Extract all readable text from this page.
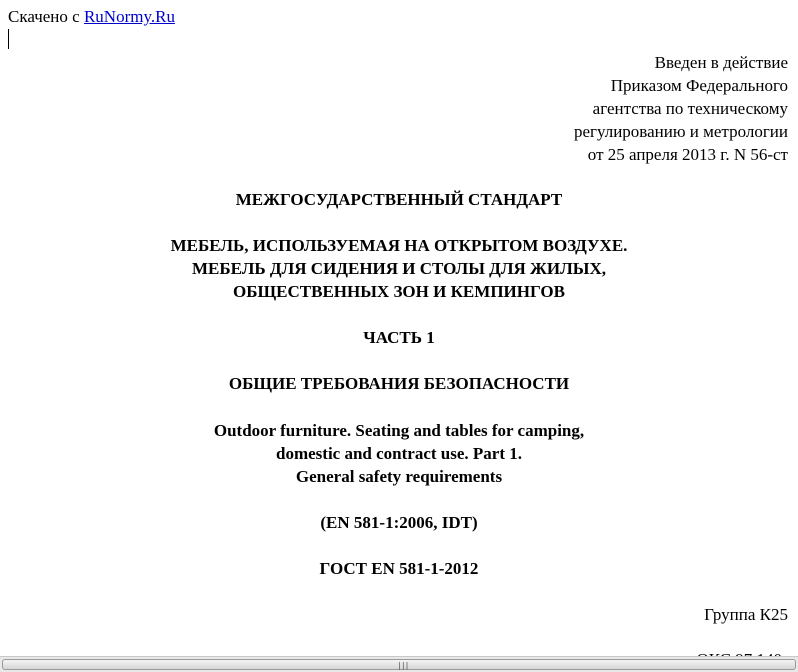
Скачено с RuNormy.Ru
Введен в действие
Приказом Федерального
агентства по техническому
регулированию и метрологии
от 25 апреля 2013 г. N 56-ст
МЕЖГОСУДАРСТВЕННЫЙ СТАНДАРТ
МЕБЕЛЬ, ИСПОЛЬЗУЕМАЯ НА ОТКРЫТОМ ВОЗДУХЕ.
МЕБЕЛЬ ДЛЯ СИДЕНИЯ И СТОЛЫ ДЛЯ ЖИЛЫХ,
ОБЩЕСТВЕННЫХ ЗОН И КЕМПИНГОВ
ЧАСТЬ 1
ОБЩИЕ ТРЕБОВАНИЯ БЕЗОПАСНОСТИ
Outdoor furniture. Seating and tables for camping,
domestic and contract use. Part 1.
General safety requirements
(EN 581-1:2006, IDT)
ГОСТ EN 581-1-2012
Группа К25
|||
